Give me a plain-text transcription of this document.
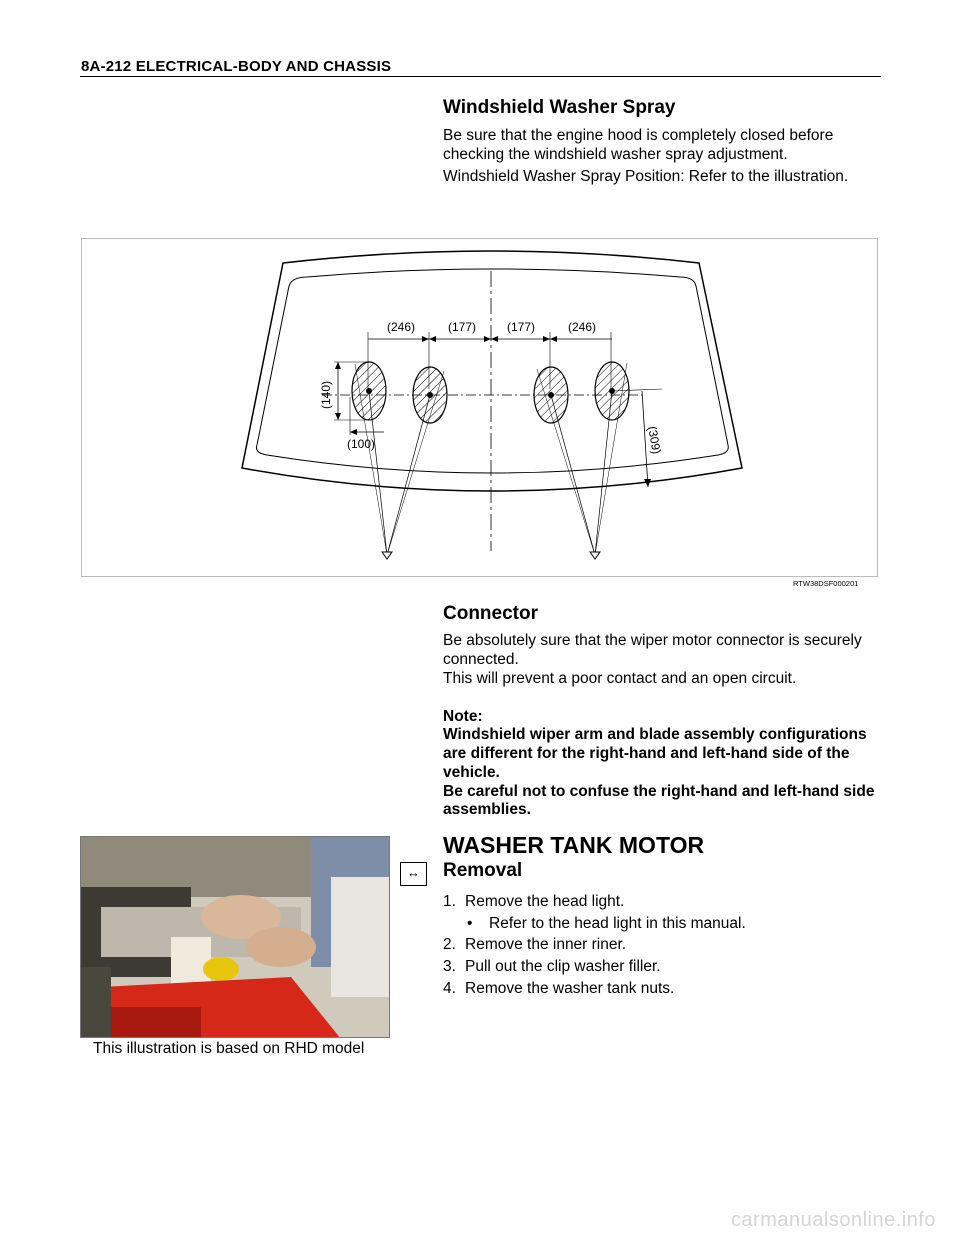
8A-212 ELECTRICAL-BODY AND CHASSIS
Windshield Washer Spray
Be sure that the engine hood is completely closed before
checking the windshield washer spray adjustment.
Windshield Washer Spray Position: Refer to the illustration.
(246)	(177)	(177)	(246)
(140)
(100)	(309)
RTW38DSF000201
Connector
Be absolutely sure that the wiper motor connector is securely
connected.
This will prevent a poor contact and an open circuit.
Note:
Windshield wiper arm and blade assembly configurations
are different for the right-hand and left-hand side of the
vehicle.
Be careful not to confuse the right-hand and left-hand side
assemblies.
This illustration is based on RHD model
WASHER TANK MOTOR
↔	Removal
1. Remove the head light.
• Refer to the head light in this manual.
2. Remove the inner riner.
3. Pull out the clip washer filler.
4. Remove the washer tank nuts.
carmanualsonline.info
